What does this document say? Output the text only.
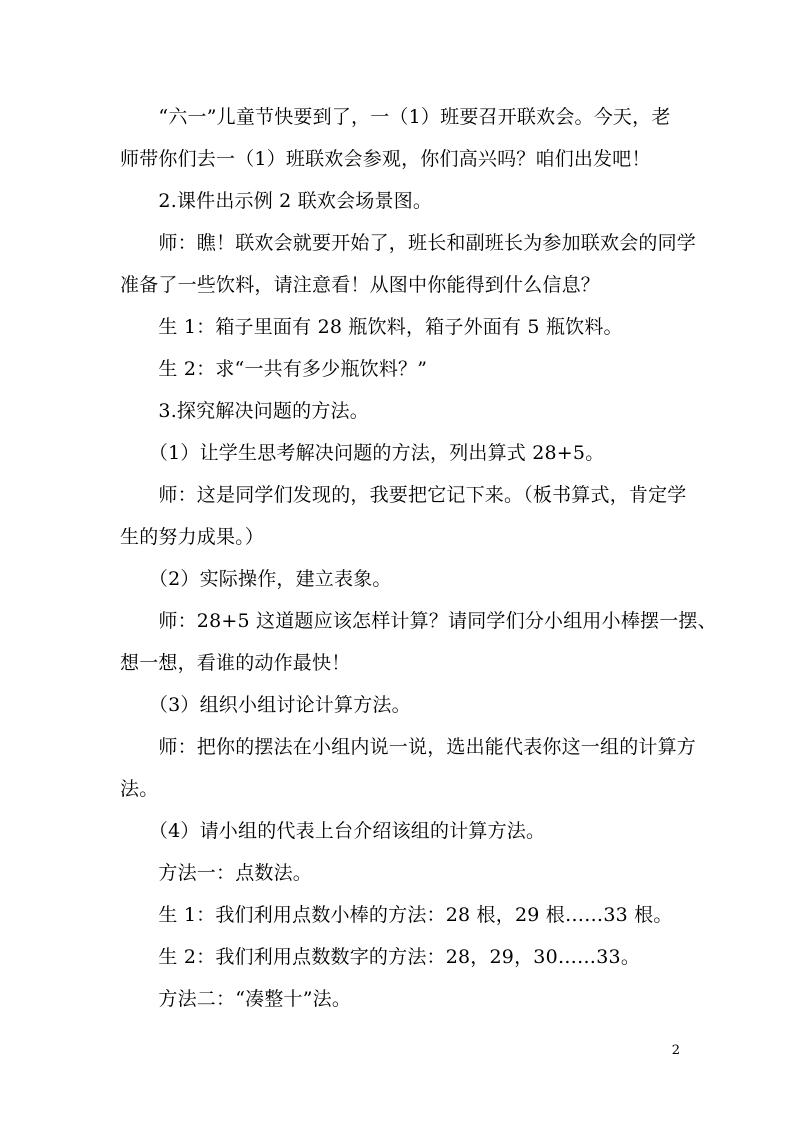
　　“六一”儿童节快要到了，一（1）班要召开联欢会。今天，老
师带你们去一（1）班联欢会参观，你们高兴吗？咱们出发吧！
　　2.课件出示例 2 联欢会场景图。
　　师：瞧！联欢会就要开始了，班长和副班长为参加联欢会的同学
准备了一些饮料，请注意看！从图中你能得到什么信息？
　　生 1：箱子里面有 28 瓶饮料，箱子外面有 5 瓶饮料。
　　生 2：求“一共有多少瓶饮料？”
　　3.探究解决问题的方法。
　　（1）让学生思考解决问题的方法，列出算式 28+5。
　　师：这是同学们发现的，我要把它记下来。（板书算式，肯定学
生的努力成果。）
　　（2）实际操作，建立表象。
　　师：28+5 这道题应该怎样计算？请同学们分小组用小棒摆一摆、
想一想，看谁的动作最快！
　　（3）组织小组讨论计算方法。
　　师：把你的摆法在小组内说一说，选出能代表你这一组的计算方
法。
　　（4）请小组的代表上台介绍该组的计算方法。
　　方法一：点数法。
　　生 1：我们利用点数小棒的方法：28 根，29 根……33 根。
　　生 2：我们利用点数数字的方法：28，29，30……33。
　　方法二：“凑整十”法。
2
